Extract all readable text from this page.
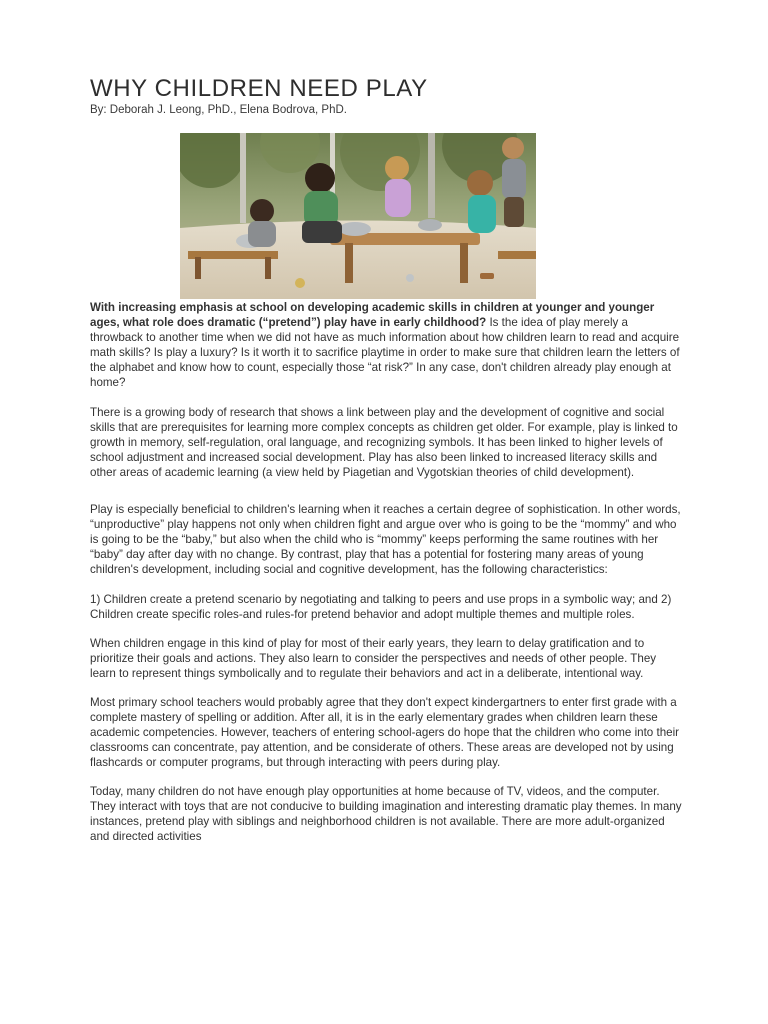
WHY CHILDREN NEED PLAY
By: Deborah J. Leong, PhD., Elena Bodrova, PhD.

With increasing emphasis at school on developing academic skills in children at younger and younger ages, what role does dramatic (“pretend”) play have in early childhood? Is the idea of play merely a throwback to another time when we did not have as much information about how children learn to read and acquire math skills? Is play a luxury? Is it worth it to sacrifice playtime in order to make sure that children learn the letters of the alphabet and know how to count, especially those “at risk?” In any case, don't children already play enough at home?

There is a growing body of research that shows a link between play and the development of cognitive and social skills that are prerequisites for learning more complex concepts as children get older. For example, play is linked to growth in memory, self-regulation, oral language, and recognizing symbols. It has been linked to higher levels of school adjustment and increased social development. Play has also been linked to increased literacy skills and other areas of academic learning (a view held by Piagetian and Vygotskian theories of child development).

Play is especially beneficial to children's learning when it reaches a certain degree of sophistication. In other words, “unproductive” play happens not only when children fight and argue over who is going to be the “mommy” and who is going to be the “baby,” but also when the child who is “mommy” keeps performing the same routines with her “baby” day after day with no change. By contrast, play that has a potential for fostering many areas of young children's development, including social and cognitive development, has the following characteristics:

1) Children create a pretend scenario by negotiating and talking to peers and use props in a symbolic way; and 2) Children create specific roles-and rules-for pretend behavior and adopt multiple themes and multiple roles.

When children engage in this kind of play for most of their early years, they learn to delay gratification and to prioritize their goals and actions. They also learn to consider the perspectives and needs of other people. They learn to represent things symbolically and to regulate their behaviors and act in a deliberate, intentional way.

Most primary school teachers would probably agree that they don't expect kindergartners to enter first grade with a complete mastery of spelling or addition. After all, it is in the early elementary grades when children learn these academic competencies. However, teachers of entering school-agers do hope that the children who come into their classrooms can concentrate, pay attention, and be considerate of others. These areas are developed not by using flashcards or computer programs, but through interacting with peers during play.

Today, many children do not have enough play opportunities at home because of TV, videos, and the computer. They interact with toys that are not conducive to building imagination and interesting dramatic play themes. In many instances, pretend play with siblings and neighborhood children is not available. There are more adult-organized and directed activities
